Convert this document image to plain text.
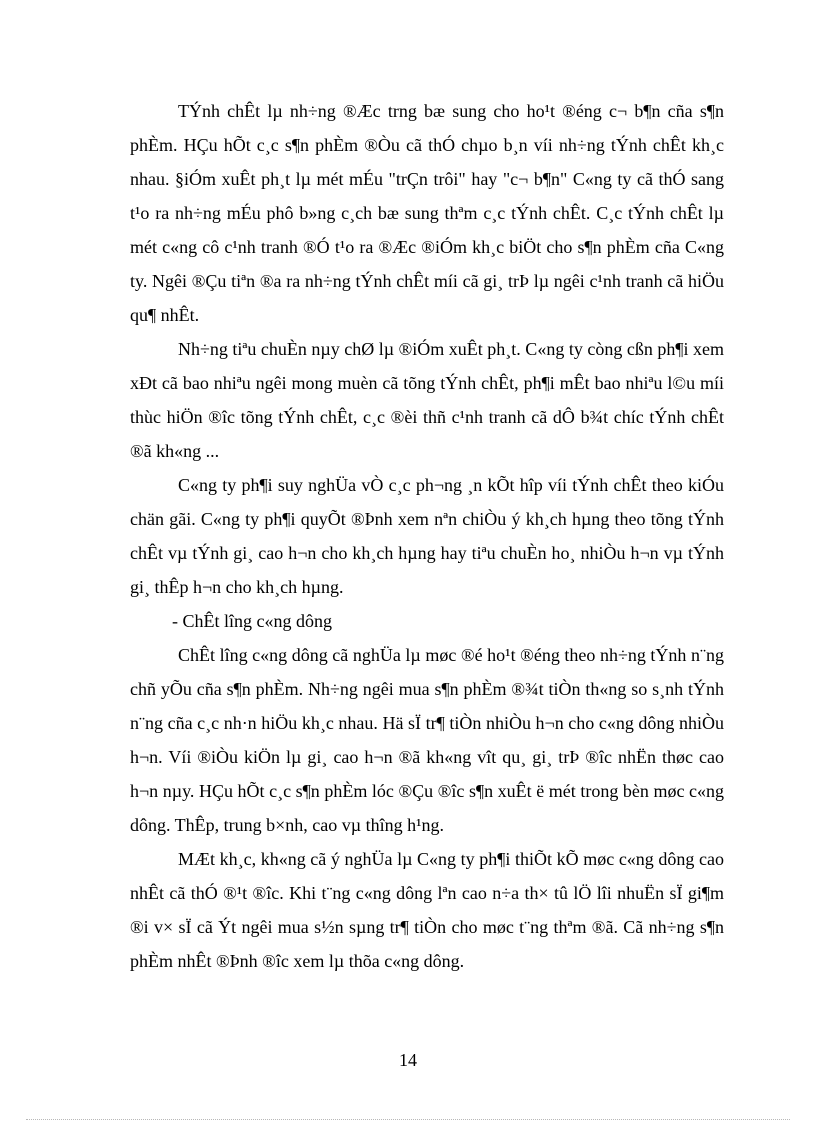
TÝnh chÊt lµ nh÷ng ®Æc trng bæ sung cho ho¹t ®éng c¬ b¶n cña s¶n phÈm. HÇu hÕt c¸c s¶n phÈm ®Òu cã thÓ chµo b¸n víi nh÷ng tÝnh chÊt kh¸c nhau. §iÓm xuÊt ph¸t lµ mét mÉu "trÇn trôi" hay "c¬ b¶n" C«ng ty cã thÓ sang t¹o ra nh÷ng mÉu phô b»ng c¸ch bæ sung thªm c¸c tÝnh chÊt. C¸c tÝnh chÊt lµ mét c«ng cô c¹nh tranh ®Ó t¹o ra ®Æc ®iÓm kh¸c biÖt cho s¶n phÈm cña C«ng ty. Ngêi ®Çu tiªn ®a ra nh÷ng tÝnh chÊt míi cã gi¸ trÞ lµ ngêi c¹nh tranh cã hiÖu qu¶ nhÊt.

Nh÷ng tiªu chuÈn nµy chØ lµ ®iÓm xuÊt ph¸t. C«ng ty còng cßn ph¶i xem xÐt cã bao nhiªu ngêi mong muèn cã tõng tÝnh chÊt, ph¶i mÊt bao nhiªu l©u míi thùc hiÖn ®îc tõng tÝnh chÊt, c¸c ®èi thñ c¹nh tranh cã dÔ b¾t chíc tÝnh chÊt ®ã kh«ng ...

C«ng ty ph¶i suy nghÜa vÒ c¸c ph¬ng ¸n kÕt hîp víi tÝnh chÊt theo kiÓu chän gãi. C«ng ty ph¶i quyÕt ®Þnh xem nªn chiÒu ý kh¸ch hµng theo tõng tÝnh chÊt vµ tÝnh gi¸ cao h¬n cho kh¸ch hµng hay tiªu chuÈn ho¸ nhiÒu h¬n vµ tÝnh gi¸ thÊp h¬n cho kh¸ch hµng.

- ChÊt lîng c«ng dông

ChÊt lîng c«ng dông cã nghÜa lµ møc ®é ho¹t ®éng theo nh÷ng tÝnh n¨ng chñ yÕu cña s¶n phÈm. Nh÷ng ngêi mua s¶n phÈm ®¾t tiÒn th«ng so s¸nh tÝnh n¨ng cña c¸c nh·n hiÖu kh¸c nhau. Hä sÏ tr¶ tiÒn nhiÒu h¬n cho c«ng dông nhiÒu h¬n. Víi ®iÒu kiÖn lµ gi¸ cao h¬n ®ã kh«ng vît qu¸ gi¸ trÞ ®îc nhËn thøc cao h¬n nµy. HÇu hÕt c¸c s¶n phÈm lóc ®Çu ®îc s¶n xuÊt ë mét trong bèn møc c«ng dông. ThÊp, trung b×nh, cao vµ thîng h¹ng.

MÆt kh¸c, kh«ng cã ý nghÜa lµ C«ng ty ph¶i thiÕt kÕ møc c«ng dông cao nhÊt cã thÓ ®¹t ®îc. Khi t¨ng c«ng dông lªn cao n÷a th× tû lÖ lîi nhuËn sÏ gi¶m ®i v× sÏ cã Ýt ngêi mua s½n sµng tr¶ tiÒn cho møc t¨ng thªm ®ã. Cã nh÷ng s¶n phÈm nhÊt ®Þnh ®îc xem lµ thõa c«ng dông.

14
